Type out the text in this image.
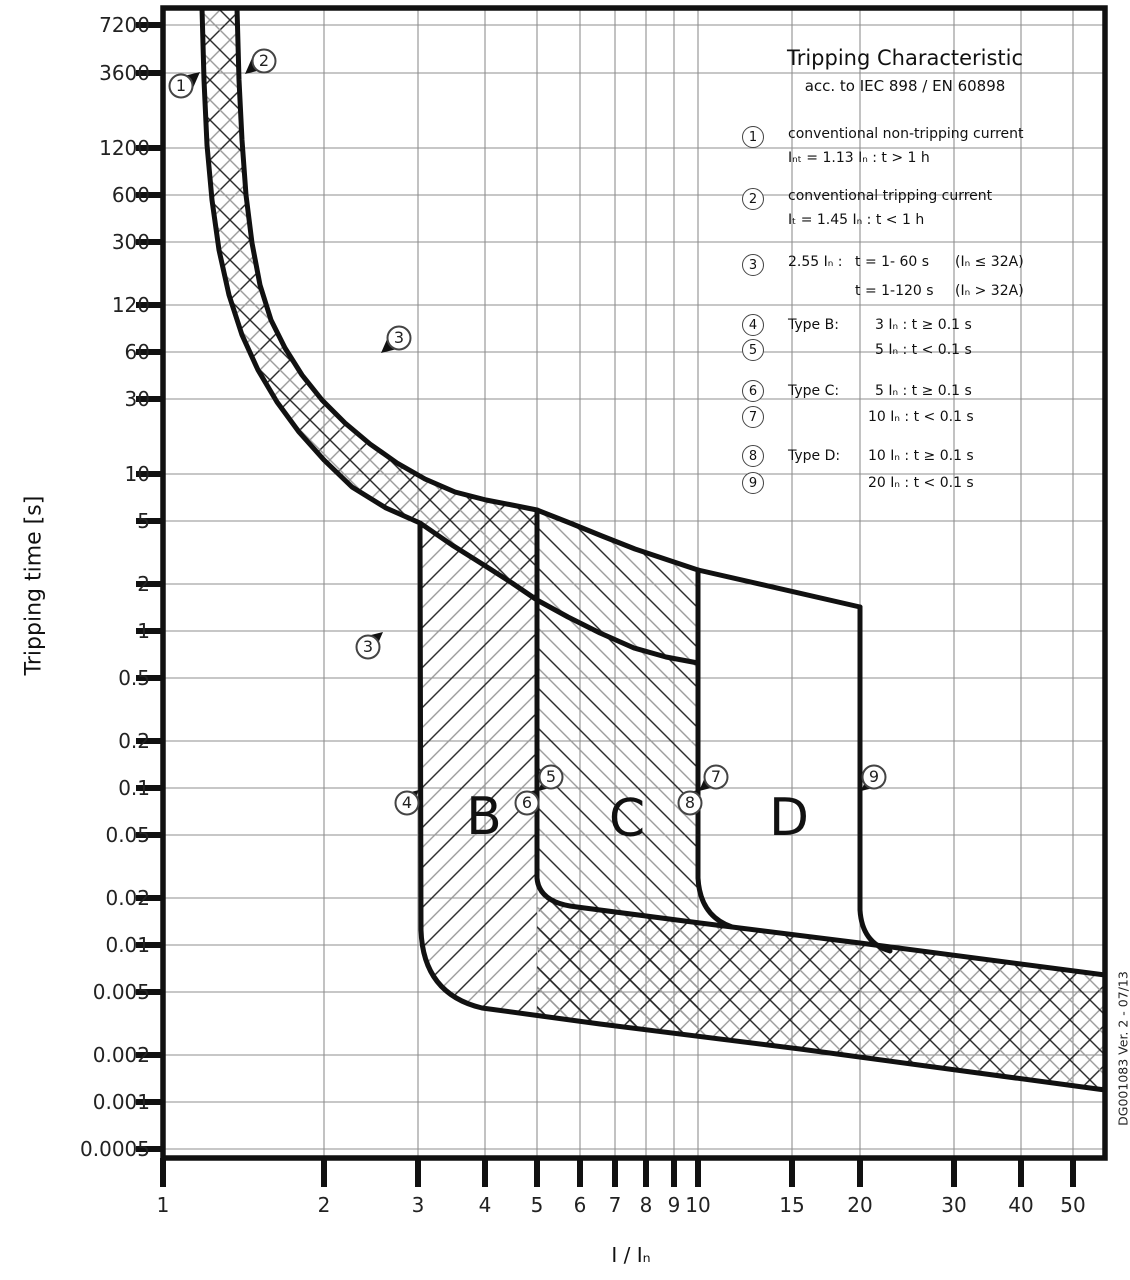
1
2
3
3
4
5
6
7
8
9
B C D
7200
3600
1200
600
300
120
60
30
10
5
2
1
0.5
0.2
0.1
0.05
0.02
0.01
0.005
0.002
0.001
0.0005
1	2	3	4	5	6	7 8 9 10	15	20	30	40	50
Tripping time [s]
I / Iₙ
DG001083 Ver. 2 - 07/13
Tripping Characteristic
acc. to IEC 898 / EN 60898
1	conventional non-tripping current
Iₙₜ = 1.13 Iₙ : t > 1 h
2	conventional tripping current
Iₜ = 1.45 Iₙ : t < 1 h
3	2.55 Iₙ : t = 1- 60 s (Iₙ ≤ 32A)
t = 1-120 s (Iₙ > 32A)
4	Type B:	3 Iₙ : t ≥ 0.1 s
5	5 Iₙ : t < 0.1 s
6	Type C:	5 Iₙ : t ≥ 0.1 s
7	10 Iₙ : t < 0.1 s
8	Type D: 10 Iₙ : t ≥ 0.1 s
9	20 Iₙ : t < 0.1 s
